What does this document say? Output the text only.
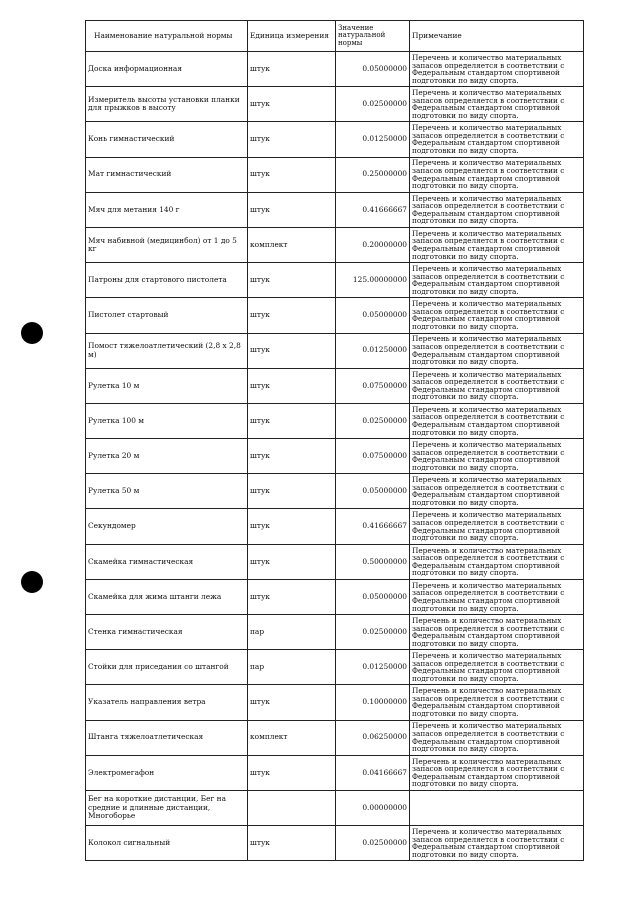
Наименование натуральной нормы	Единица измерения	Значение натуральной нормы	Примечание
Доска информационная	штук	0.05000000	Перечень и количество материальных запасов определяется в соответствии с Федеральным стандартом спортивной подготовки по виду спорта.
Измеритель высоты установки планки для прыжков в высоту	штук	0.02500000	Перечень и количество материальных запасов определяется в соответствии с Федеральным стандартом спортивной подготовки по виду спорта.
Конь гимнастический	штук	0.01250000	Перечень и количество материальных запасов определяется в соответствии с Федеральным стандартом спортивной подготовки по виду спорта.
Мат гимнастический	штук	0.25000000	Перечень и количество материальных запасов определяется в соответствии с Федеральным стандартом спортивной подготовки по виду спорта.
Мяч для метания 140 г	штук	0.41666667	Перечень и количество материальных запасов определяется в соответствии с Федеральным стандартом спортивной подготовки по виду спорта.
Мяч набивной (медицинбол) от 1 до 5 кг	комплект	0.20000000	Перечень и количество материальных запасов определяется в соответствии с Федеральным стандартом спортивной подготовки по виду спорта.
Патроны для стартового пистолета	штук	125.00000000	Перечень и количество материальных запасов определяется в соответствии с Федеральным стандартом спортивной подготовки по виду спорта.
Пистолет стартовый	штук	0.05000000	Перечень и количество материальных запасов определяется в соответствии с Федеральным стандартом спортивной подготовки по виду спорта.
Помост тяжелоатлетический (2,8 х 2,8 м)	штук	0.01250000	Перечень и количество материальных запасов определяется в соответствии с Федеральным стандартом спортивной подготовки по виду спорта.
Рулетка 10 м	штук	0.07500000	Перечень и количество материальных запасов определяется в соответствии с Федеральным стандартом спортивной подготовки по виду спорта.
Рулетка 100 м	штук	0.02500000	Перечень и количество материальных запасов определяется в соответствии с Федеральным стандартом спортивной подготовки по виду спорта.
Рулетка 20 м	штук	0.07500000	Перечень и количество материальных запасов определяется в соответствии с Федеральным стандартом спортивной подготовки по виду спорта.
Рулетка 50 м	штук	0.05000000	Перечень и количество материальных запасов определяется в соответствии с Федеральным стандартом спортивной подготовки по виду спорта.
Секундомер	штук	0.41666667	Перечень и количество материальных запасов определяется в соответствии с Федеральным стандартом спортивной подготовки по виду спорта.
Скамейка гимнастическая	штук	0.50000000	Перечень и количество материальных запасов определяется в соответствии с Федеральным стандартом спортивной подготовки по виду спорта.
Скамейка для жима штанги лежа	штук	0.05000000	Перечень и количество материальных запасов определяется в соответствии с Федеральным стандартом спортивной подготовки по виду спорта.
Стенка гимнастическая	пар	0.02500000	Перечень и количество материальных запасов определяется в соответствии с Федеральным стандартом спортивной подготовки по виду спорта.
Стойки для приседания со штангой	пар	0.01250000	Перечень и количество материальных запасов определяется в соответствии с Федеральным стандартом спортивной подготовки по виду спорта.
Указатель направления ветра	штук	0.10000000	Перечень и количество материальных запасов определяется в соответствии с Федеральным стандартом спортивной подготовки по виду спорта.
Штанга тяжелоатлетическая	комплект	0.06250000	Перечень и количество материальных запасов определяется в соответствии с Федеральным стандартом спортивной подготовки по виду спорта.
Электромегафон	штук	0.04166667	Перечень и количество материальных запасов определяется в соответствии с Федеральным стандартом спортивной подготовки по виду спорта.
Бег на короткие дистанции, Бег на средние и длинные дистанции, Многоборье		0.00000000	
Колокол сигнальный	штук	0.02500000	Перечень и количество материальных запасов определяется в соответствии с Федеральным стандартом спортивной подготовки по виду спорта.
